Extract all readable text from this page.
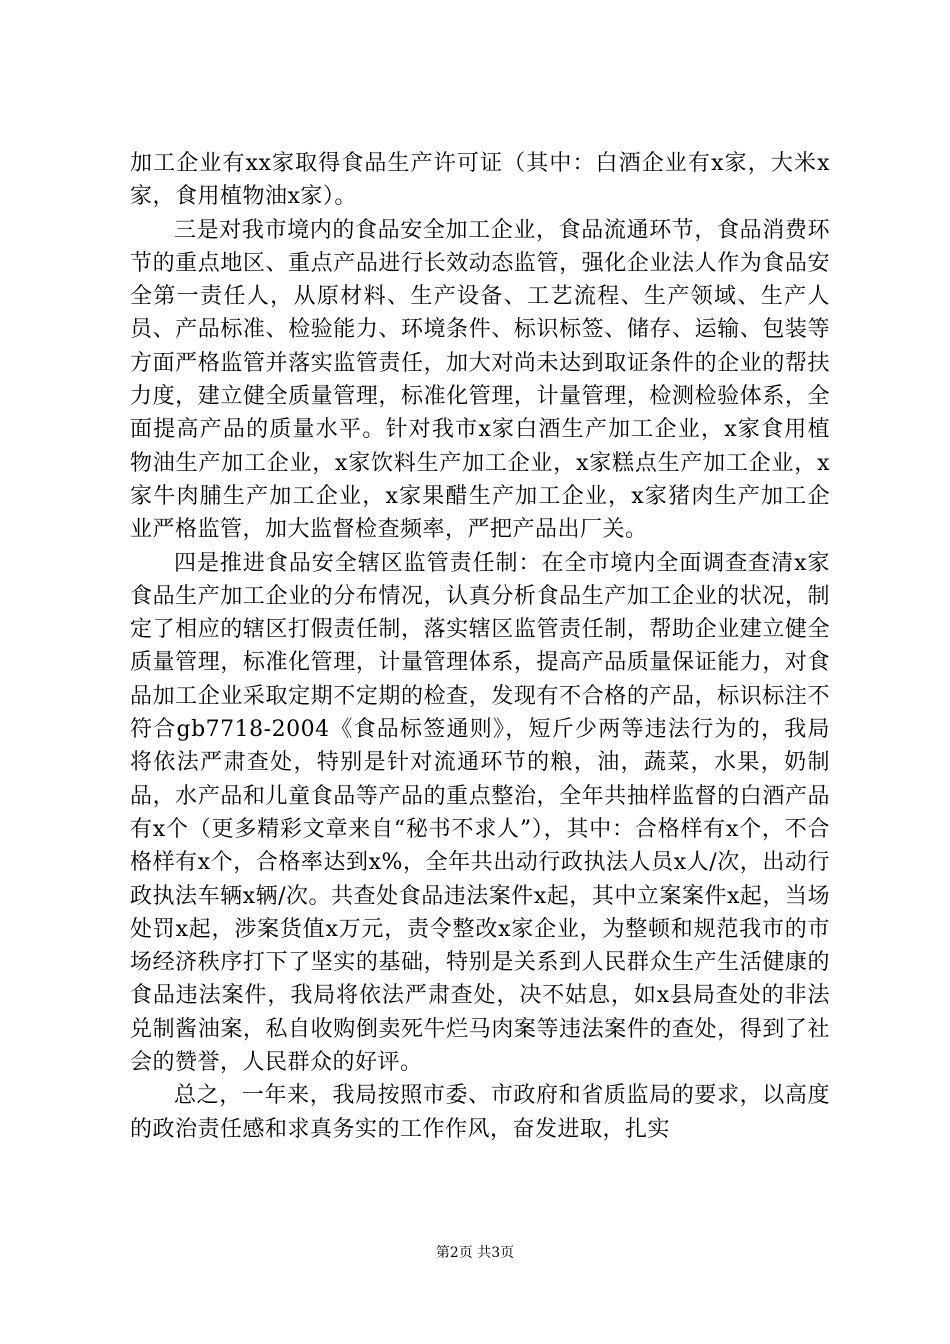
加工企业有xx家取得食品生产许可证（其中：白酒企业有x家，大米x家，食用植物油x家）。

三是对我市境内的食品安全加工企业，食品流通环节，食品消费环节的重点地区、重点产品进行长效动态监管，强化企业法人作为食品安全第一责任人，从原材料、生产设备、工艺流程、生产领域、生产人员、产品标准、检验能力、环境条件、标识标签、储存、运输、包装等方面严格监管并落实监管责任，加大对尚未达到取证条件的企业的帮扶力度，建立健全质量管理，标准化管理，计量管理，检测检验体系，全面提高产品的质量水平。针对我市x家白酒生产加工企业，x家食用植物油生产加工企业，x家饮料生产加工企业，x家糕点生产加工企业，x家牛肉脯生产加工企业，x家果醋生产加工企业，x家猪肉生产加工企业严格监管，加大监督检查频率，严把产品出厂关。

四是推进食品安全辖区监管责任制：在全市境内全面调查查清x家食品生产加工企业的分布情况，认真分析食品生产加工企业的状况，制定了相应的辖区打假责任制，落实辖区监管责任制，帮助企业建立健全质量管理，标准化管理，计量管理体系，提高产品质量保证能力，对食品加工企业采取定期不定期的检查，发现有不合格的产品，标识标注不符合gb7718-2004《食品标签通则》，短斤少两等违法行为的，我局将依法严肃查处，特别是针对流通环节的粮，油，蔬菜，水果，奶制品，水产品和儿童食品等产品的重点整治，全年共抽样监督的白酒产品有x个（更多精彩文章来自“秘书不求人”），其中：合格样有x个，不合格样有x个，合格率达到x%，全年共出动行政执法人员x人/次，出动行政执法车辆x辆/次。共查处食品违法案件x起，其中立案案件x起，当场处罚x起，涉案货值x万元，责令整改x家企业，为整顿和规范我市的市场经济秩序打下了坚实的基础，特别是关系到人民群众生产生活健康的食品违法案件，我局将依法严肃查处，决不姑息，如x县局查处的非法兑制酱油案，私自收购倒卖死牛烂马肉案等违法案件的查处，得到了社会的赞誉，人民群众的好评。

总之，一年来，我局按照市委、市政府和省质监局的要求，以高度的政治责任感和求真务实的工作作风，奋发进取，扎实

第2页 共3页
